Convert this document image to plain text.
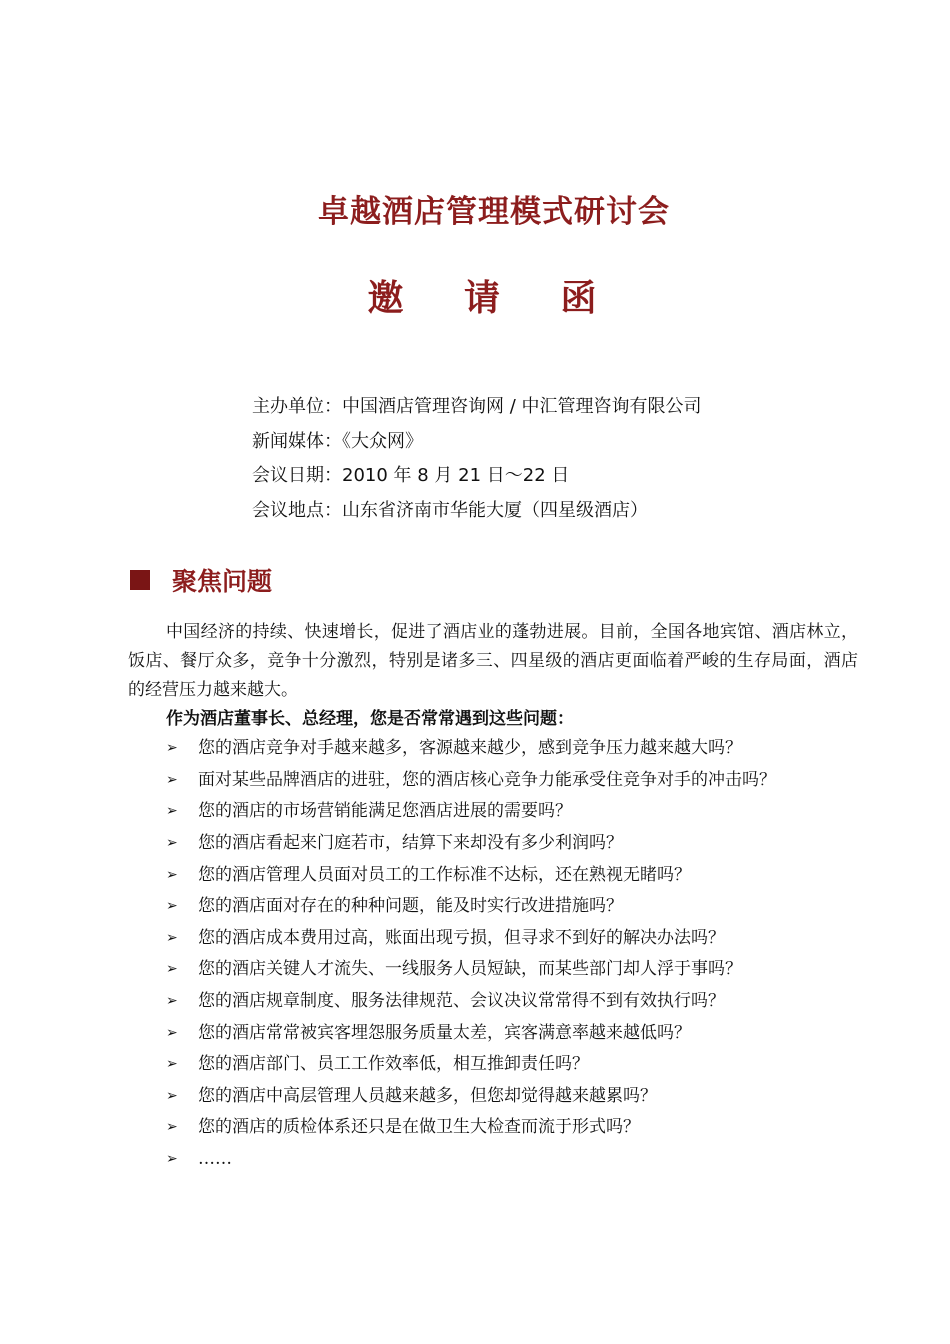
卓越酒店管理模式研讨会
邀 请 函
主办单位：中国酒店管理咨询网 / 中汇管理咨询有限公司
新闻媒体：《大众网》
会议日期：2010 年 8 月 21 日～22 日
会议地点：山东省济南市华能大厦（四星级酒店）
聚焦问题

中国经济的持续、快速增长，促进了酒店业的蓬勃进展。目前，全国各地宾馆、酒店林立，饭店、餐厅众多，竞争十分激烈，特别是诸多三、四星级的酒店更面临着严峻的生存局面，酒店的经营压力越来越大。

作为酒店董事长、总经理，您是否常常遇到这些问题：
➢	您的酒店竞争对手越来越多，客源越来越少，感到竞争压力越来越大吗？
➢	面对某些品牌酒店的进驻，您的酒店核心竞争力能承受住竞争对手的冲击吗？
➢	您的酒店的市场营销能满足您酒店进展的需要吗？
➢	您的酒店看起来门庭若市，结算下来却没有多少利润吗？
➢	您的酒店管理人员面对员工的工作标准不达标，还在熟视无睹吗？
➢	您的酒店面对存在的种种问题，能及时实行改进措施吗？
➢	您的酒店成本费用过高，账面出现亏损，但寻求不到好的解决办法吗？
➢	您的酒店关键人才流失、一线服务人员短缺，而某些部门却人浮于事吗？
➢	您的酒店规章制度、服务法律规范、会议决议常常得不到有效执行吗？
➢	您的酒店常常被宾客埋怨服务质量太差，宾客满意率越来越低吗？
➢	您的酒店部门、员工工作效率低，相互推卸责任吗？
➢	您的酒店中高层管理人员越来越多，但您却觉得越来越累吗？
➢	您的酒店的质检体系还只是在做卫生大检查而流于形式吗？
➢	……
